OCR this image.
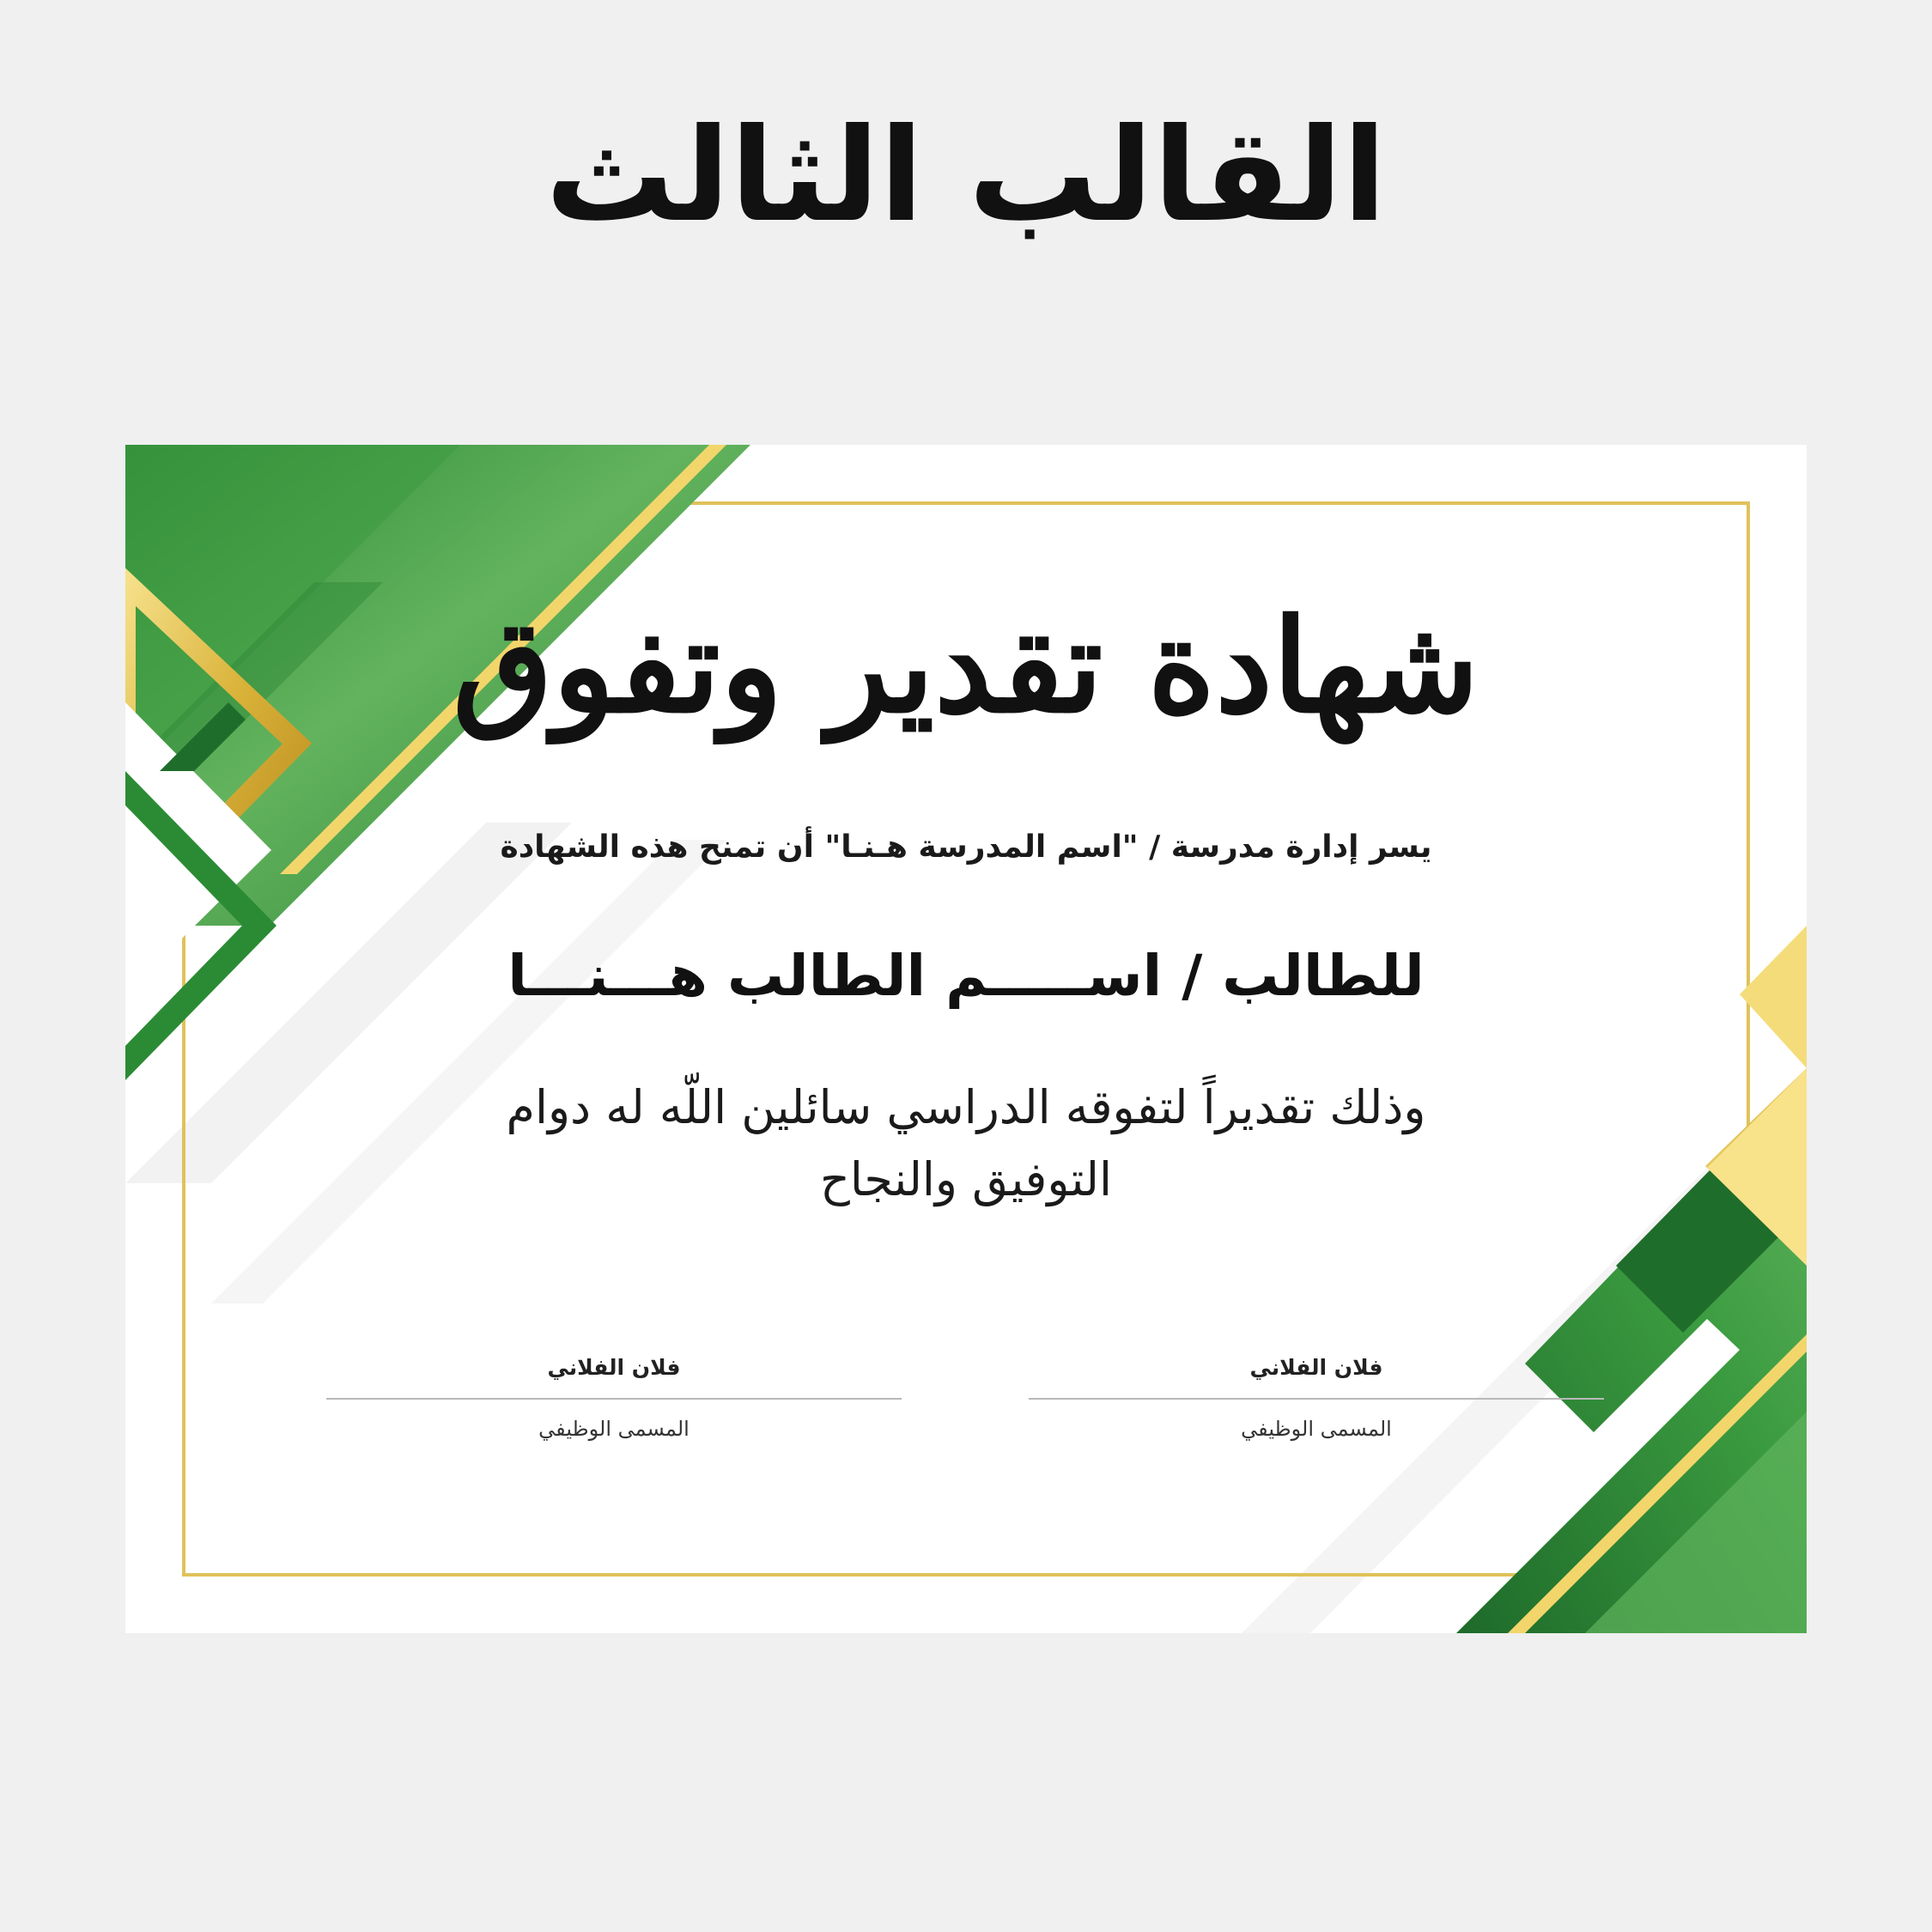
القالب الثالث
شهادة تقدير وتفوق
يسر إدارة مدرسة / "اسم المدرسة هـنـا" أن تمنح هذه الشهادة
للطالب / اســـــم الطالب هـــنـــا
وذلك تقديراً لتفوقه الدراسي سائلين اللّه له دوام التوفيق والنجاح
فلان الفلاني
المسمى الوظيفي
فلان الفلاني
المسمى الوظيفي
